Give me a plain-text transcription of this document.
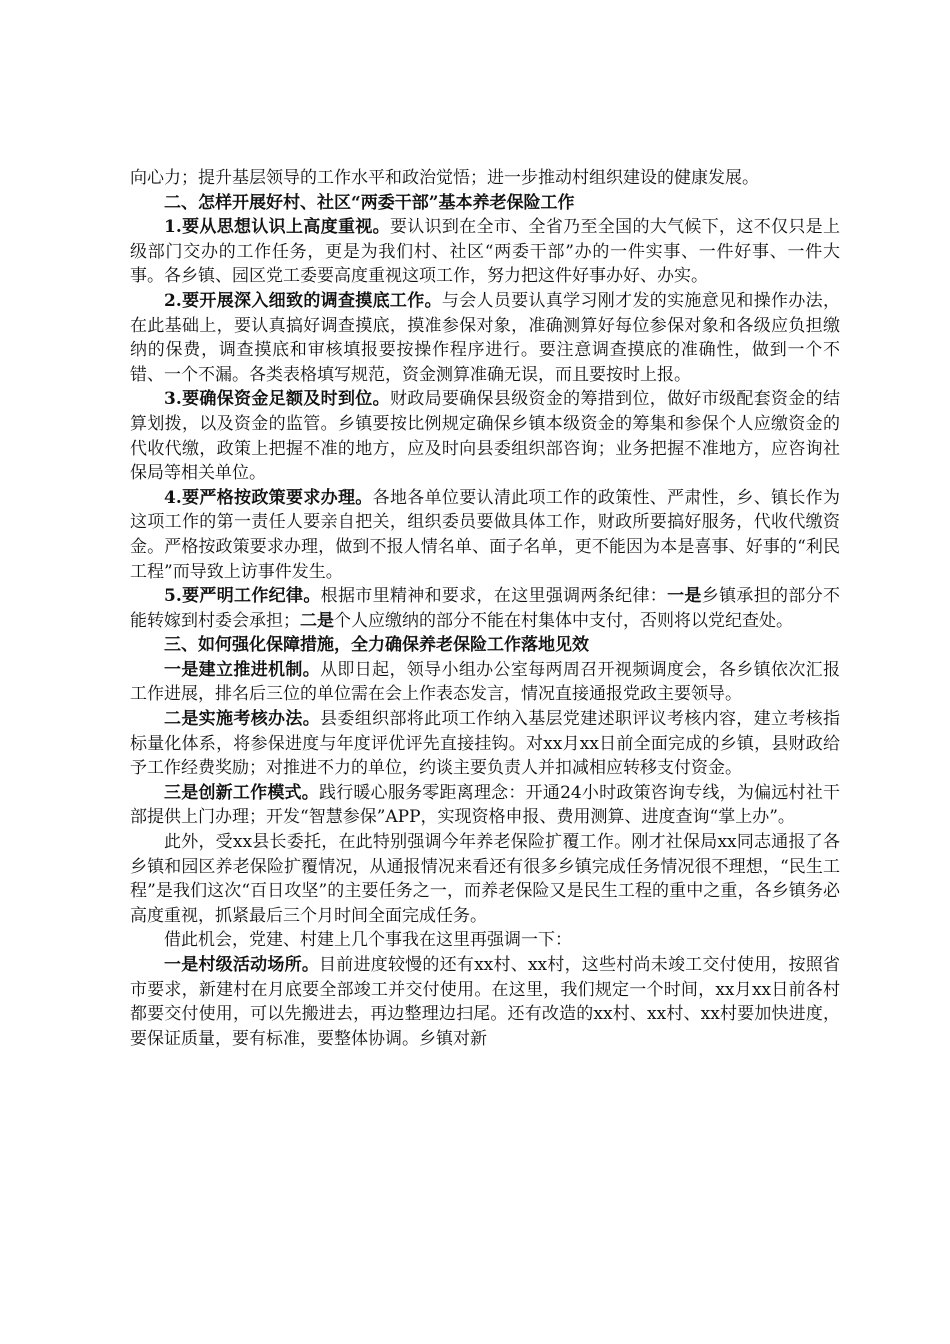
向心力；提升基层领导的工作水平和政治觉悟；进一步推动村组织建设的健康发展。

二、怎样开展好村、社区“两委干部”基本养老保险工作

1.要从思想认识上高度重视。要认识到在全市、全省乃至全国的大气候下，这不仅只是上级部门交办的工作任务，更是为我们村、社区“两委干部”办的一件实事、一件好事、一件大事。各乡镇、园区党工委要高度重视这项工作，努力把这件好事办好、办实。

2.要开展深入细致的调查摸底工作。与会人员要认真学习刚才发的实施意见和操作办法，在此基础上，要认真搞好调查摸底，摸准参保对象，准确测算好每位参保对象和各级应负担缴纳的保费，调查摸底和审核填报要按操作程序进行。要注意调查摸底的准确性，做到一个不错、一个不漏。各类表格填写规范，资金测算准确无误，而且要按时上报。

3.要确保资金足额及时到位。财政局要确保县级资金的筹措到位，做好市级配套资金的结算划拨，以及资金的监管。乡镇要按比例规定确保乡镇本级资金的筹集和参保个人应缴资金的代收代缴，政策上把握不准的地方，应及时向县委组织部咨询；业务把握不准地方，应咨询社保局等相关单位。

4.要严格按政策要求办理。各地各单位要认清此项工作的政策性、严肃性，乡、镇长作为这项工作的第一责任人要亲自把关，组织委员要做具体工作，财政所要搞好服务，代收代缴资金。严格按政策要求办理，做到不报人情名单、面子名单，更不能因为本是喜事、好事的“利民工程”而导致上访事件发生。

5.要严明工作纪律。根据市里精神和要求，在这里强调两条纪律：一是乡镇承担的部分不能转嫁到村委会承担；二是个人应缴纳的部分不能在村集体中支付，否则将以党纪查处。

三、如何强化保障措施，全力确保养老保险工作落地见效

一是建立推进机制。从即日起，领导小组办公室每两周召开视频调度会，各乡镇依次汇报工作进展，排名后三位的单位需在会上作表态发言，情况直接通报党政主要领导。

二是实施考核办法。县委组织部将此项工作纳入基层党建述职评议考核内容，建立考核指标量化体系，将参保进度与年度评优评先直接挂钩。对xx月xx日前全面完成的乡镇，县财政给予工作经费奖励；对推进不力的单位，约谈主要负责人并扣减相应转移支付资金。

三是创新工作模式。践行暖心服务零距离理念：开通24小时政策咨询专线，为偏远村社干部提供上门办理；开发“智慧参保”APP，实现资格申报、费用测算、进度查询“掌上办”。

此外，受xx县长委托，在此特别强调今年养老保险扩覆工作。刚才社保局xx同志通报了各乡镇和园区养老保险扩覆情况，从通报情况来看还有很多乡镇完成任务情况很不理想，“民生工程”是我们这次“百日攻坚”的主要任务之一，而养老保险又是民生工程的重中之重，各乡镇务必高度重视，抓紧最后三个月时间全面完成任务。

借此机会，党建、村建上几个事我在这里再强调一下：

一是村级活动场所。目前进度较慢的还有xx村、xx村，这些村尚未竣工交付使用，按照省市要求，新建村在月底要全部竣工并交付使用。在这里，我们规定一个时间，xx月xx日前各村都要交付使用，可以先搬进去，再边整理边扫尾。还有改造的xx村、xx村、xx村要加快进度，要保证质量，要有标准，要整体协调。乡镇对新
